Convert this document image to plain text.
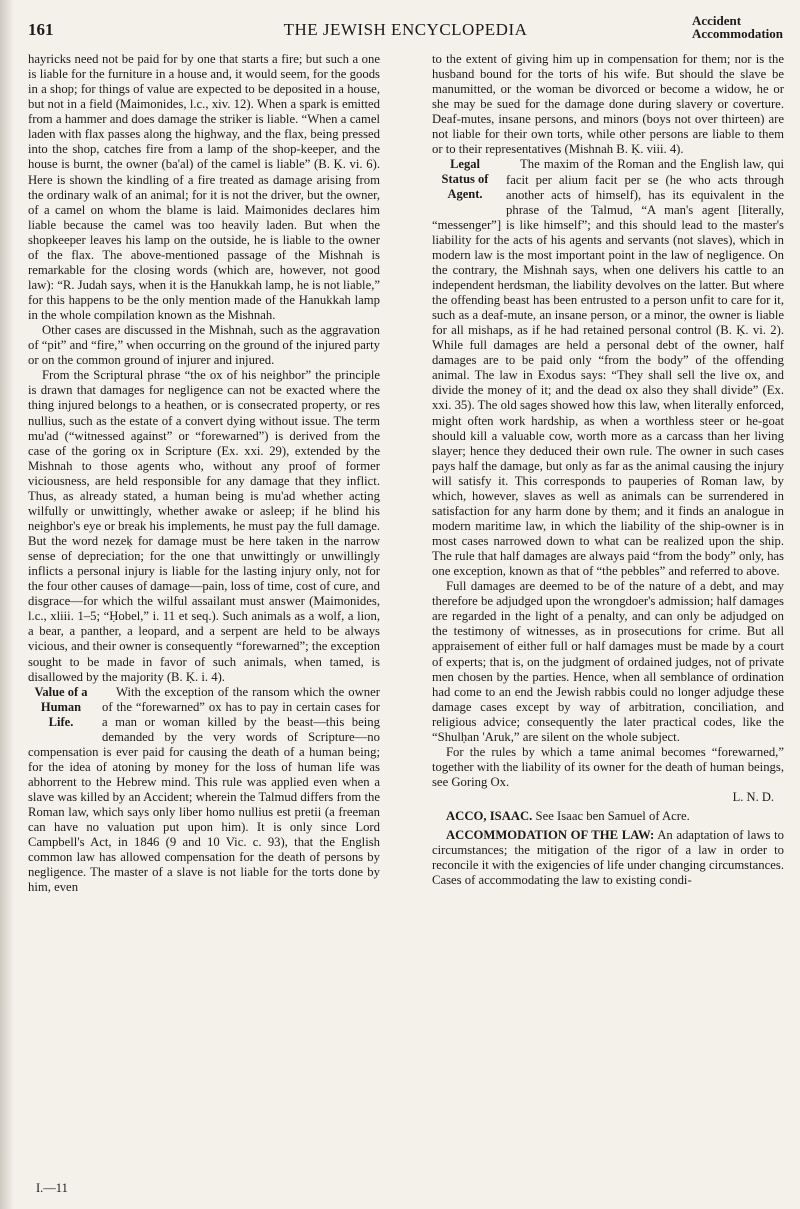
161	THE JEWISH ENCYCLOPEDIA	Accident
Accommodation

hayricks need not be paid for by one that starts a fire; but such a one is liable for the furniture in a house and, it would seem, for the goods in a shop; for things of value are expected to be deposited in a house, but not in a field (Maimonides, l.c., xiv. 12). When a spark is emitted from a hammer and does damage the striker is liable. “When a camel laden with flax passes along the highway, and the flax, being pressed into the shop, catches fire from a lamp of the shop-keeper, and the house is burnt, the owner (ba'al) of the camel is liable” (B. Ḳ. vi. 6). Here is shown the kindling of a fire treated as damage arising from the ordinary walk of an animal; for it is not the driver, but the owner, of a camel on whom the blame is laid. Maimonides declares him liable because the camel was too heavily laden. But when the shopkeeper leaves his lamp on the outside, he is liable to the owner of the flax. The above-mentioned passage of the Mishnah is remarkable for the closing words (which are, however, not good law): “R. Judah says, when it is the Ḥanukkah lamp, he is not liable,” for this happens to be the only mention made of the Hanukkah lamp in the whole compilation known as the Mishnah.

Other cases are discussed in the Mishnah, such as the aggravation of “pit” and “fire,” when occurring on the ground of the injured party or on the common ground of injurer and injured.

From the Scriptural phrase “the ox of his neighbor” the principle is drawn that damages for negligence can not be exacted where the thing injured belongs to a heathen, or is consecrated property, or res nullius, such as the estate of a convert dying without issue. The term mu'ad (“witnessed against” or “forewarned”) is derived from the case of the goring ox in Scripture (Ex. xxi. 29), extended by the Mishnah to those agents who, without any proof of former viciousness, are held responsible for any damage that they inflict. Thus, as already stated, a human being is mu'ad whether acting wilfully or unwittingly, whether awake or asleep; if he blind his neighbor's eye or break his implements, he must pay the full damage. But the word nezeḳ for damage must be here taken in the narrow sense of depreciation; for the one that unwittingly or unwillingly inflicts a personal injury is liable for the lasting injury only, not for the four other causes of damage—pain, loss of time, cost of cure, and disgrace—for which the wilful assailant must answer (Maimonides, l.c., xliii. 1–5; “Ḥobel,” i. 11 et seq.). Such animals as a wolf, a lion, a bear, a panther, a leopard, and a serpent are held to be always vicious, and their owner is consequently “forewarned”; the exception sought to be made in favor of such animals, when tamed, is disallowed by the majority (B. Ḳ. i. 4).

Value of a
Human
Life.

With the exception of the ransom which the owner of the “forewarned” ox has to pay in certain cases for a man or woman killed by the beast—this being demanded by the very words of Scripture—no compensation is ever paid for causing the death of a human being; for the idea of atoning by money for the loss of human life was abhorrent to the Hebrew mind. This rule was applied even when a slave was killed by an Accident; wherein the Talmud differs from the Roman law, which says only liber homo nullius est pretii (a freeman can have no valuation put upon him). It is only since Lord Campbell's Act, in 1846 (9 and 10 Vic. c. 93), that the English common law has allowed compensation for the death of persons by negligence. The master of a slave is not liable for the torts done by him, even

to the extent of giving him up in compensation for them; nor is the husband bound for the torts of his wife. But should the slave be manumitted, or the woman be divorced or become a widow, he or she may be sued for the damage done during slavery or coverture. Deaf-mutes, insane persons, and minors (boys not over thirteen) are not liable for their own torts, while other persons are liable to them or to their representatives (Mishnah B. Ḳ. viii. 4).

Legal
Status of
Agent.

The maxim of the Roman and the English law, qui facit per alium facit per se (he who acts through another acts of himself), has its equivalent in the phrase of the Talmud, “A man's agent [literally, “messenger”] is like himself”; and this should lead to the master's liability for the acts of his agents and servants (not slaves), which in modern law is the most important point in the law of negligence. On the contrary, the Mishnah says, when one delivers his cattle to an independent herdsman, the liability devolves on the latter. But where the offending beast has been entrusted to a person unfit to care for it, such as a deaf-mute, an insane person, or a minor, the owner is liable for all mishaps, as if he had retained personal control (B. Ḳ. vi. 2). While full damages are held a personal debt of the owner, half damages are to be paid only “from the body” of the offending animal. The law in Exodus says: “They shall sell the live ox, and divide the money of it; and the dead ox also they shall divide” (Ex. xxi. 35). The old sages showed how this law, when literally enforced, might often work hardship, as when a worthless steer or he-goat should kill a valuable cow, worth more as a carcass than her living slayer; hence they deduced their own rule. The owner in such cases pays half the damage, but only as far as the animal causing the injury will satisfy it. This corresponds to pauperies of Roman law, by which, however, slaves as well as animals can be surrendered in satisfaction for any harm done by them; and it finds an analogue in modern maritime law, in which the liability of the ship-owner is in most cases narrowed down to what can be realized upon the ship. The rule that half damages are always paid “from the body” only, has one exception, known as that of “the pebbles” and referred to above.

Full damages are deemed to be of the nature of a debt, and may therefore be adjudged upon the wrongdoer's admission; half damages are regarded in the light of a penalty, and can only be adjudged on the testimony of witnesses, as in prosecutions for crime. But all appraisement of either full or half damages must be made by a court of experts; that is, on the judgment of ordained judges, not of private men chosen by the parties. Hence, when all semblance of ordination had come to an end the Jewish rabbis could no longer adjudge these damage cases except by way of arbitration, conciliation, and religious advice; consequently the later practical codes, like the “Shulḥan 'Aruk,” are silent on the whole subject.

For the rules by which a tame animal becomes “forewarned,” together with the liability of its owner for the death of human beings, see Goring Ox.

L. N. D.

ACCO, ISAAC. See Isaac ben Samuel of Acre.

ACCOMMODATION OF THE LAW: An adaptation of laws to circumstances; the mitigation of the rigor of a law in order to reconcile it with the exigencies of life under changing circumstances. Cases of accommodating the law to existing condi-

I.—11
